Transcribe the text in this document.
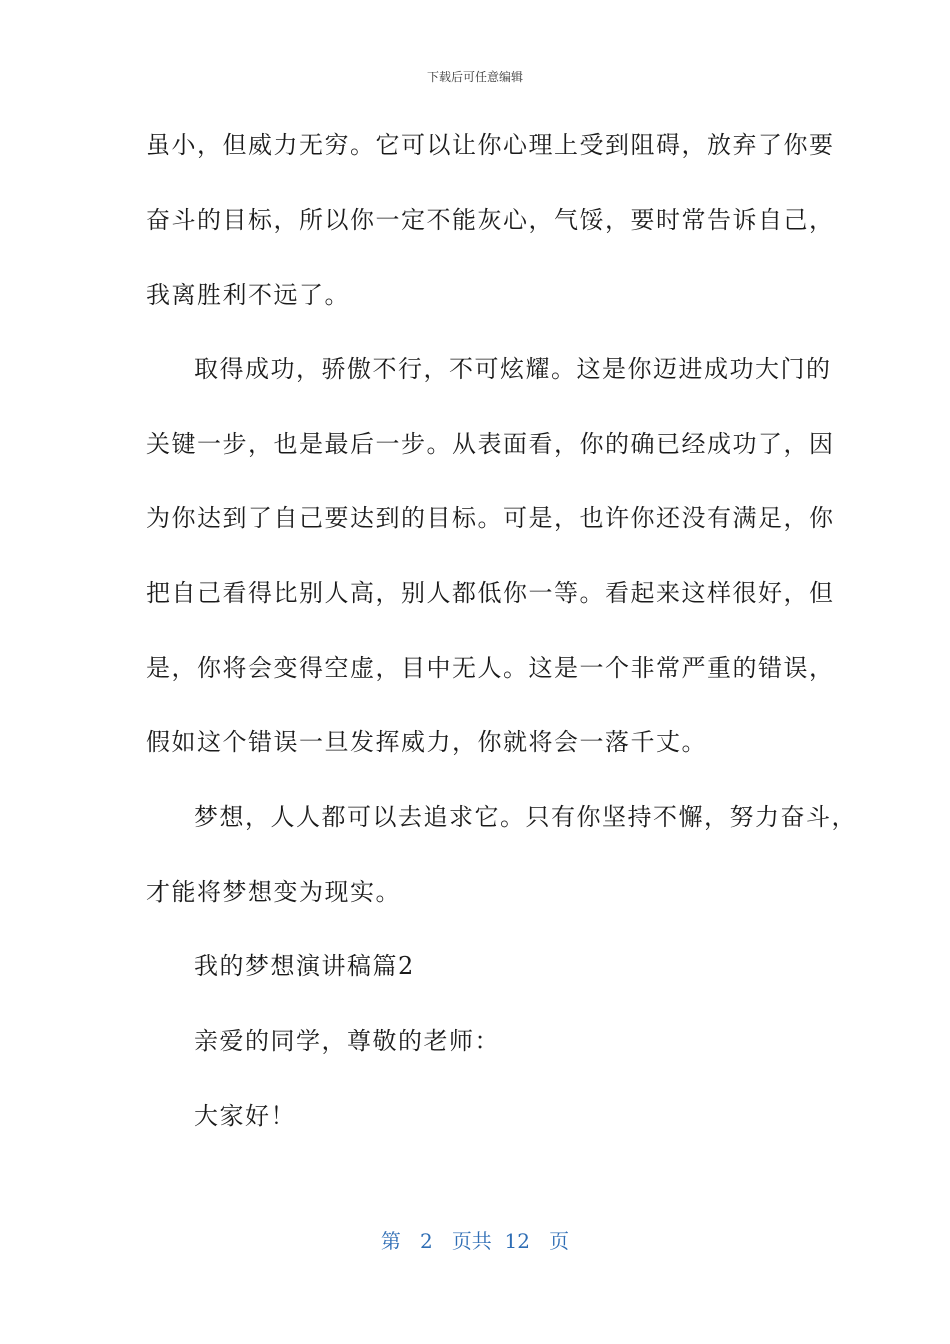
下载后可任意编辑
虽小，但威力无穷。它可以让你心理上受到阻碍，放弃了你要
奋斗的目标，所以你一定不能灰心，气馁，要时常告诉自己，
我离胜利不远了。
取得成功，骄傲不行，不可炫耀。这是你迈进成功大门的
关键一步，也是最后一步。从表面看，你的确已经成功了，因
为你达到了自己要达到的目标。可是，也许你还没有满足，你
把自己看得比别人高，别人都低你一等。看起来这样很好，但
是，你将会变得空虚，目中无人。这是一个非常严重的错误，
假如这个错误一旦发挥威力，你就将会一落千丈。
梦想，人人都可以去追求它。只有你坚持不懈，努力奋斗，
才能将梦想变为现实。
我的梦想演讲稿篇2
亲爱的同学，尊敬的老师：
大家好！
第 2 页共 12 页
